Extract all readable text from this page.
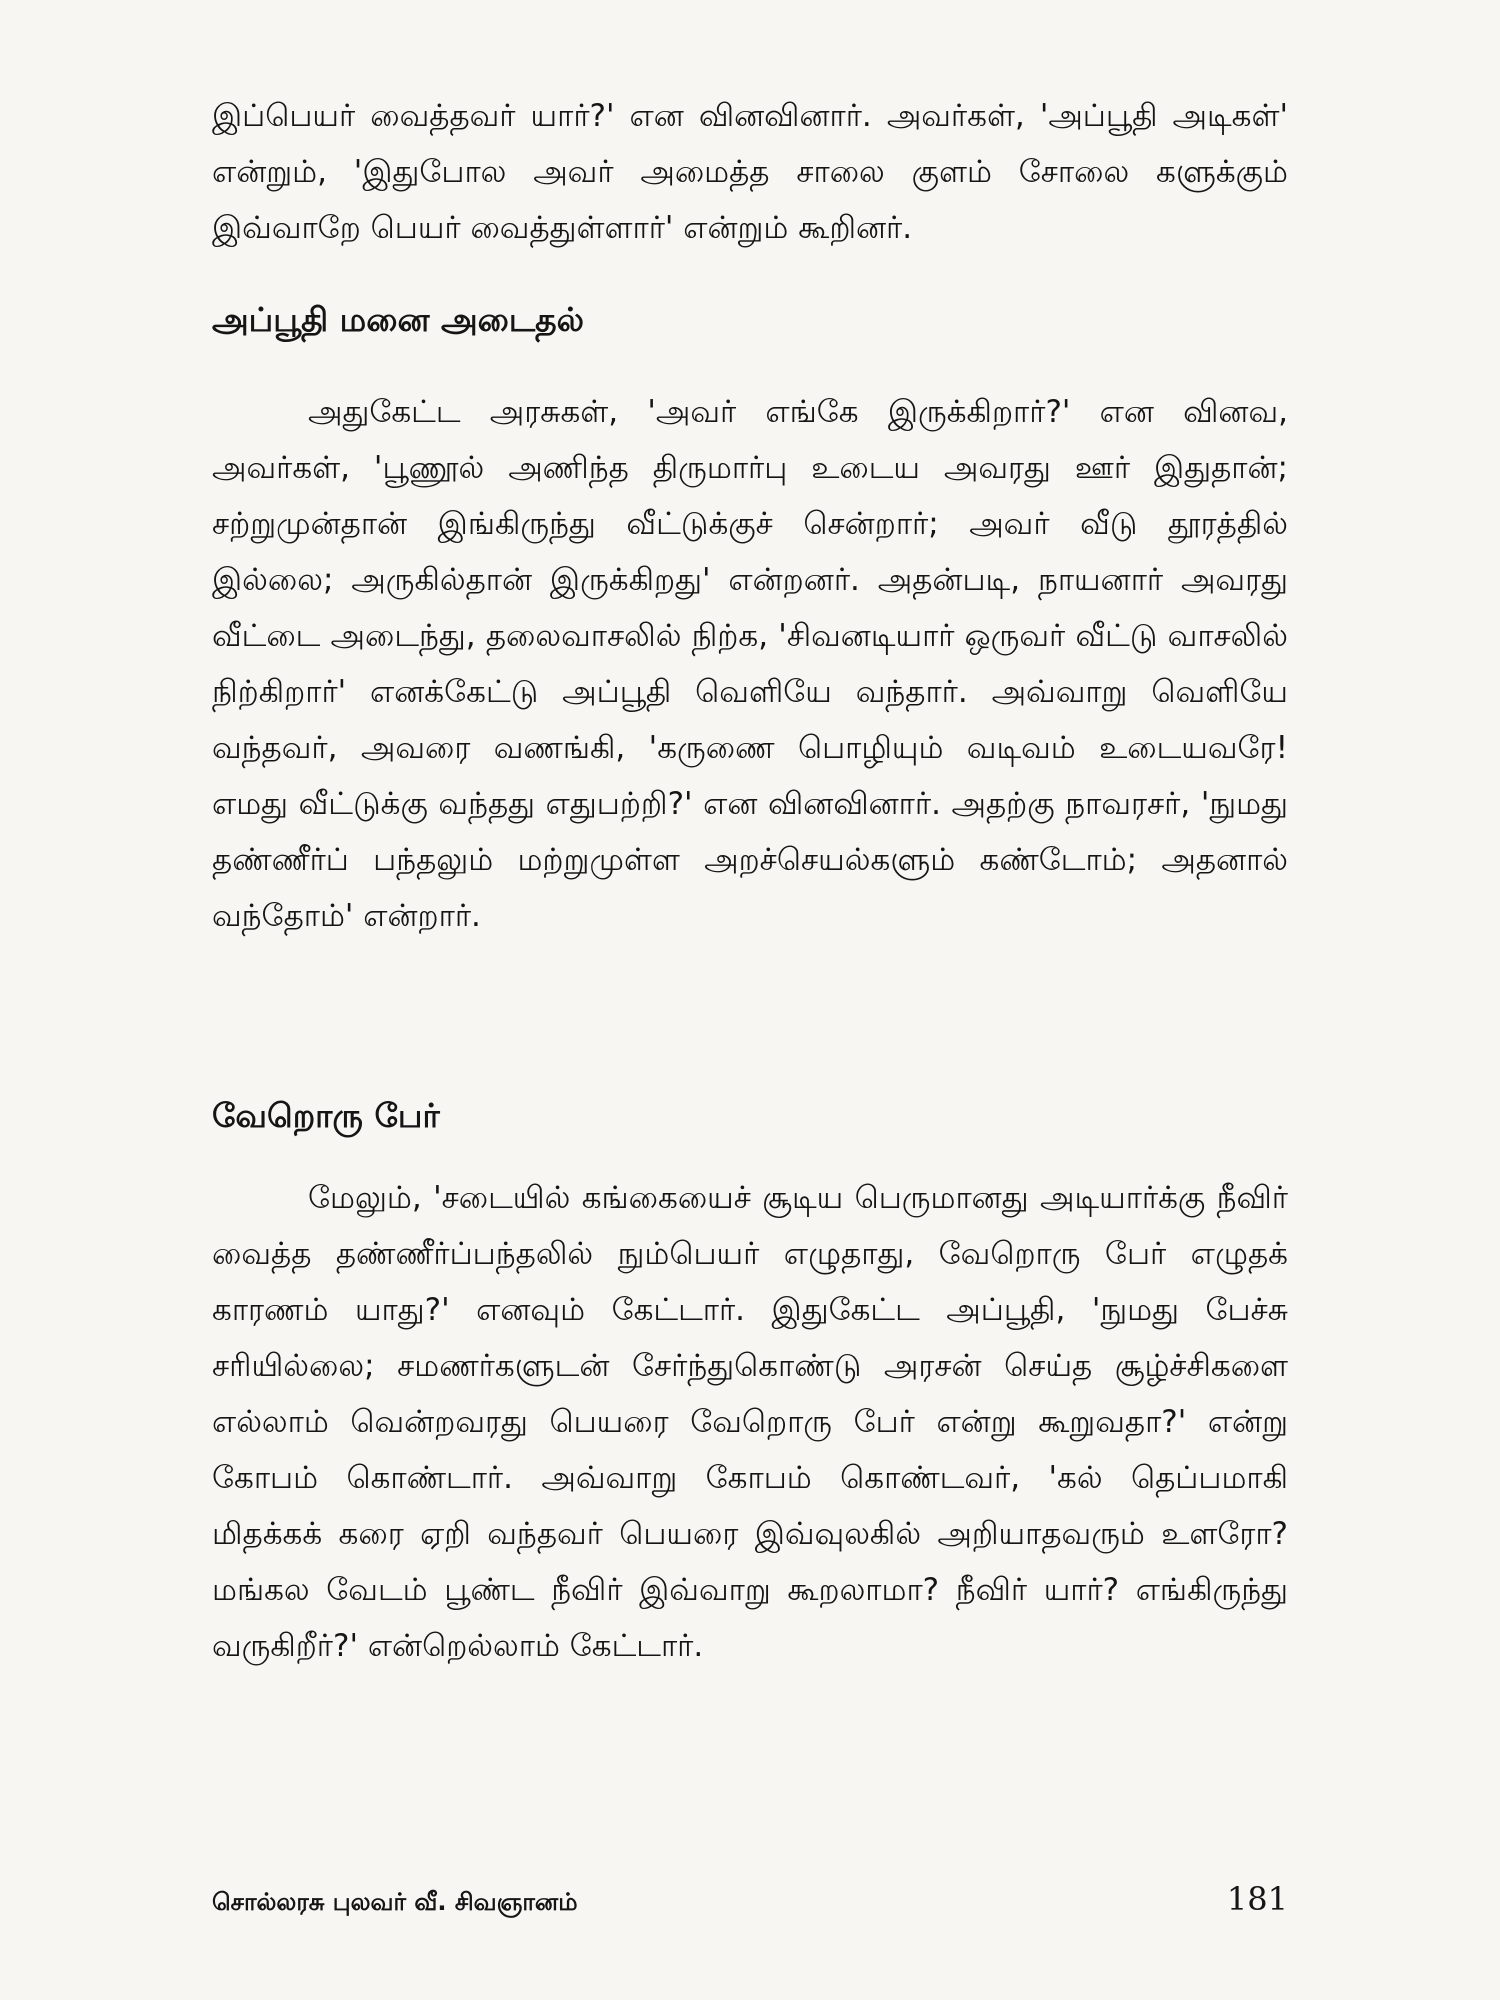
இப்பெயர் வைத்தவர் யார்?' என வினவினார். அவர்கள், 'அப்பூதி அடிகள்' என்றும், 'இதுபோல அவர் அமைத்த சாலை குளம் சோலை களுக்கும் இவ்வாறே பெயர் வைத்துள்ளார்' என்றும் கூறினர்.

அப்பூதி மனை அடைதல்

அதுகேட்ட அரசுகள், 'அவர் எங்கே இருக்கிறார்?' என வினவ, அவர்கள், 'பூணூல் அணிந்த திருமார்பு உடைய அவரது ஊர் இதுதான்; சற்றுமுன்தான் இங்கிருந்து வீட்டுக்குச் சென்றார்; அவர் வீடு தூரத்தில் இல்லை; அருகில்தான் இருக்கிறது' என்றனர். அதன்படி, நாயனார் அவரது வீட்டை அடைந்து, தலைவாசலில் நிற்க, 'சிவனடியார் ஒருவர் வீட்டு வாசலில் நிற்கிறார்' எனக்கேட்டு அப்பூதி வெளியே வந்தார். அவ்வாறு வெளியே வந்தவர், அவரை வணங்கி, 'கருணை பொழியும் வடிவம் உடையவரே! எமது வீட்டுக்கு வந்தது எதுபற்றி?' என வினவினார். அதற்கு நாவரசர், 'நுமது தண்ணீர்ப் பந்தலும் மற்றுமுள்ள அறச்செயல்களும் கண்டோம்; அதனால் வந்தோம்' என்றார்.

வேறொரு பேர்

மேலும், 'சடையில் கங்கையைச் சூடிய பெருமானது அடியார்க்கு நீவிர் வைத்த தண்ணீர்ப்பந்தலில் நும்பெயர் எழுதாது, வேறொரு பேர் எழுதக் காரணம் யாது?' எனவும் கேட்டார். இதுகேட்ட அப்பூதி, 'நுமது பேச்சு சரியில்லை; சமணர்களுடன் சேர்ந்துகொண்டு அரசன் செய்த சூழ்ச்சிகளை எல்லாம் வென்றவரது பெயரை வேறொரு பேர் என்று கூறுவதா?' என்று கோபம் கொண்டார். அவ்வாறு கோபம் கொண்டவர், 'கல் தெப்பமாகி மிதக்கக் கரை ஏறி வந்தவர் பெயரை இவ்வுலகில் அறியாதவரும் உளரோ? மங்கல வேடம் பூண்ட நீவிர் இவ்வாறு கூறலாமா? நீவிர் யார்? எங்கிருந்து வருகிறீர்?' என்றெல்லாம் கேட்டார்.

சொல்லரசு புலவர் வீ. சிவஞானம்	181
